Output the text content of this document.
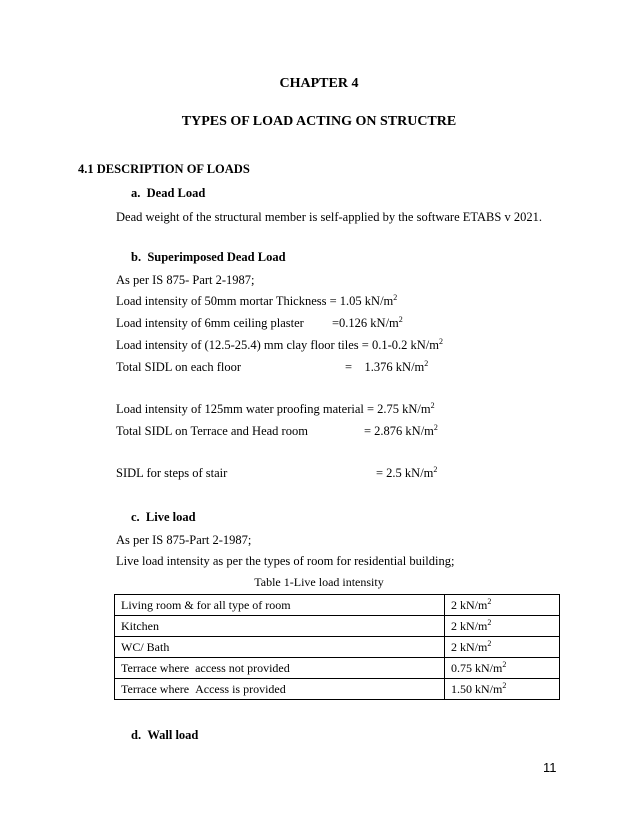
CHAPTER 4
TYPES OF LOAD ACTING ON STRUCTRE
4.1 DESCRIPTION OF LOADS
a.  Dead Load
Dead weight of the structural member is self-applied by the software ETABS v 2021.
b.  Superimposed Dead Load
As per IS 875- Part 2-1987;
Load intensity of 50mm mortar Thickness = 1.05 $kN/m^2$
Load intensity of 6mm ceiling plaster =0.126 $kN/m^2$
Load intensity of (12.5-25.4) mm clay floor tiles = 0.1-0.2 $kN/m^2$
Total SIDL on each floor	=    1.376 $kN/m^2$
Load intensity of 125mm water proofing material = 2.75 $kN/m^2$
Total SIDL on Terrace and Head room	= 2.876 $kN/m^2$
SIDL for steps of stair	= 2.5 $kN/m^2$
c.  Live load
As per IS 875-Part 2-1987;
Live load intensity as per the types of room for residential building;
Table 1-Live load intensity
Living room & for all type of room	2 $kN/m^2$
Kitchen	2 $kN/m^2$
WC/ Bath	2 $kN/m^2$
Terrace where  access not provided	0.75 $kN/m^2$
Terrace where  Access is provided	1.50 $kN/m^2$
d.  Wall load
11
